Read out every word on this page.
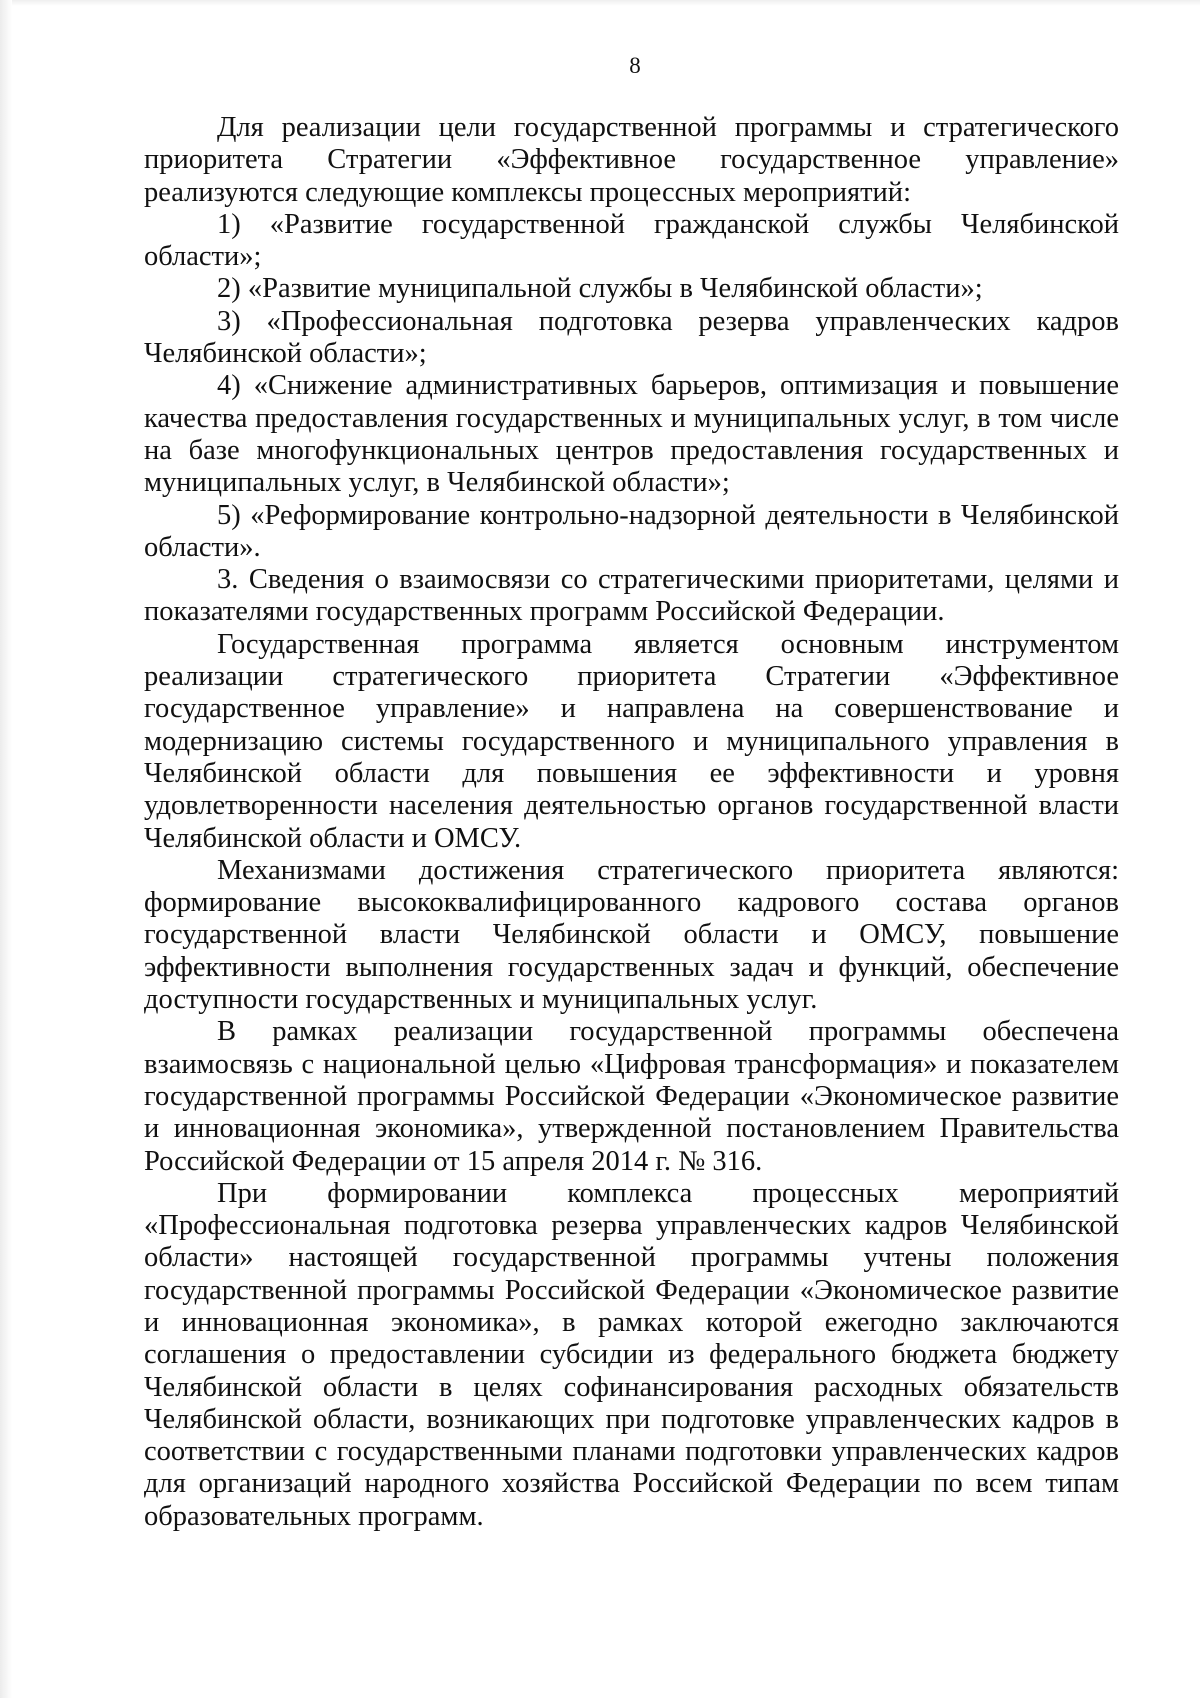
8

Для реализации цели государственной программы и стратегического приоритета Стратегии «Эффективное государственное управление» реализуются следующие комплексы процессных мероприятий:

1) «Развитие государственной гражданской службы Челябинской области»;

2) «Развитие муниципальной службы в Челябинской области»;

3) «Профессиональная подготовка резерва управленческих кадров Челябинской области»;

4) «Снижение административных барьеров, оптимизация и повышение качества предоставления государственных и муниципальных услуг, в том числе на базе многофункциональных центров предоставления государственных и муниципальных услуг, в Челябинской области»;

5) «Реформирование контрольно-надзорной деятельности в Челябинской области».

3. Сведения о взаимосвязи со стратегическими приоритетами, целями и показателями государственных программ Российской Федерации.

Государственная программа является основным инструментом реализации стратегического приоритета Стратегии «Эффективное государственное управление» и направлена на совершенствование и модернизацию системы государственного и муниципального управления в Челябинской области для повышения ее эффективности и уровня удовлетворенности населения деятельностью органов государственной власти Челябинской области и ОМСУ.

Механизмами достижения стратегического приоритета являются: формирование высококвалифицированного кадрового состава органов государственной власти Челябинской области и ОМСУ, повышение эффективности выполнения государственных задач и функций, обеспечение доступности государственных и муниципальных услуг.

В рамках реализации государственной программы обеспечена взаимосвязь с национальной целью «Цифровая трансформация» и показателем государственной программы Российской Федерации «Экономическое развитие и инновационная экономика», утвержденной постановлением Правительства Российской Федерации от 15 апреля 2014 г. № 316.

При формировании комплекса процессных мероприятий «Профессиональная подготовка резерва управленческих кадров Челябинской области» настоящей государственной программы учтены положения государственной программы Российской Федерации «Экономическое развитие и инновационная экономика», в рамках которой ежегодно заключаются соглашения о предоставлении субсидии из федерального бюджета бюджету Челябинской области в целях софинансирования расходных обязательств Челябинской области, возникающих при подготовке управленческих кадров в соответствии с государственными планами подготовки управленческих кадров для организаций народного хозяйства Российской Федерации по всем типам образовательных программ.
